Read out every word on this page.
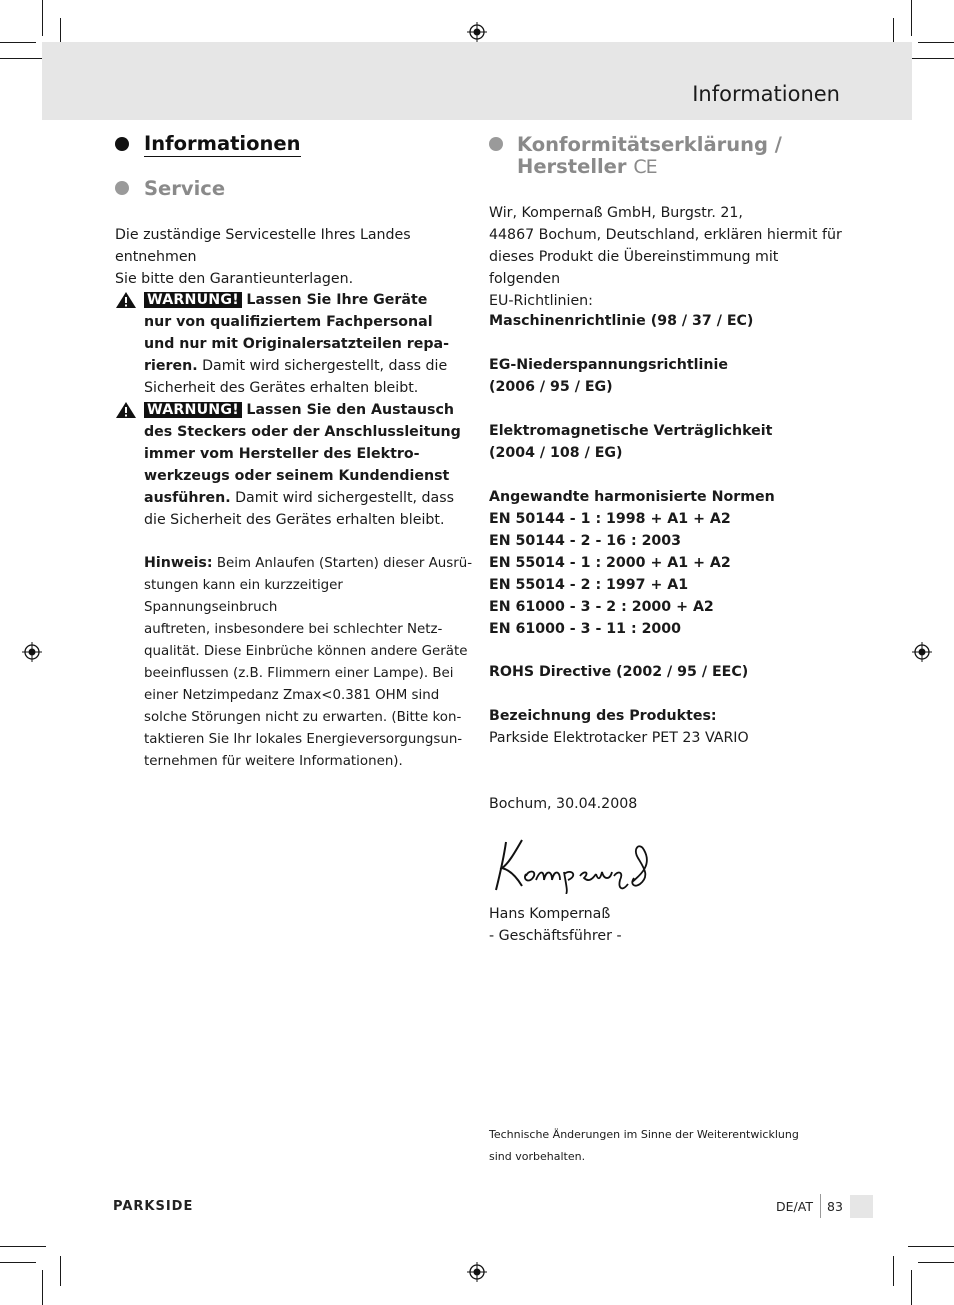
Informationen
Informationen
Service
Die zuständige Servicestelle Ihres Landes entnehmen
Sie bitte den Garantieunterlagen.
WARNUNG! Lassen Sie Ihre Geräte
nur von qualifiziertem Fachpersonal
und nur mit Originalersatzteilen repa-
rieren. Damit wird sichergestellt, dass die
Sicherheit des Gerätes erhalten bleibt.
WARNUNG! Lassen Sie den Austausch
des Steckers oder der Anschlussleitung
immer vom Hersteller des Elektro-
werkzeugs oder seinem Kundendienst
ausführen. Damit wird sichergestellt, dass
die Sicherheit des Gerätes erhalten bleibt.
Hinweis: Beim Anlaufen (Starten) dieser Ausrü-
stungen kann ein kurzzeitiger Spannungseinbruch
auftreten, insbesondere bei schlechter Netz-
qualität. Diese Einbrüche können andere Geräte
beeinflussen (z.B. Flimmern einer Lampe). Bei
einer Netzimpedanz Zmax<0.381 OHM sind
solche Störungen nicht zu erwarten. (Bitte kon-
taktieren Sie Ihr lokales Energieversorgungsun-
ternehmen für weitere Informationen).
Konformitätserklärung /
Hersteller CE
Wir, Kompernaß GmbH, Burgstr. 21,
44867 Bochum, Deutschland, erklären hiermit für
dieses Produkt die Übereinstimmung mit folgenden
EU-Richtlinien:
Maschinenrichtlinie (98 / 37 / EC)
EG-Niederspannungsrichtlinie
(2006 / 95 / EG)
Elektromagnetische Verträglichkeit
(2004 / 108 / EG)
Angewandte harmonisierte Normen
EN 50144 - 1 : 1998 + A1 + A2
EN 50144 - 2 - 16 : 2003
EN 55014 - 1 : 2000 + A1 + A2
EN 55014 - 2 : 1997 + A1
EN 61000 - 3 - 2 : 2000 + A2
EN 61000 - 3 - 11 : 2000
ROHS Directive (2002 / 95 / EEC)
Bezeichnung des Produktes:
Parkside Elektrotacker PET 23 VARIO
Bochum, 30.04.2008
Hans Kompernaß
- Geschäftsführer -
Technische Änderungen im Sinne der Weiterentwicklung
sind vorbehalten.
PARKSIDE	DE/AT 83
